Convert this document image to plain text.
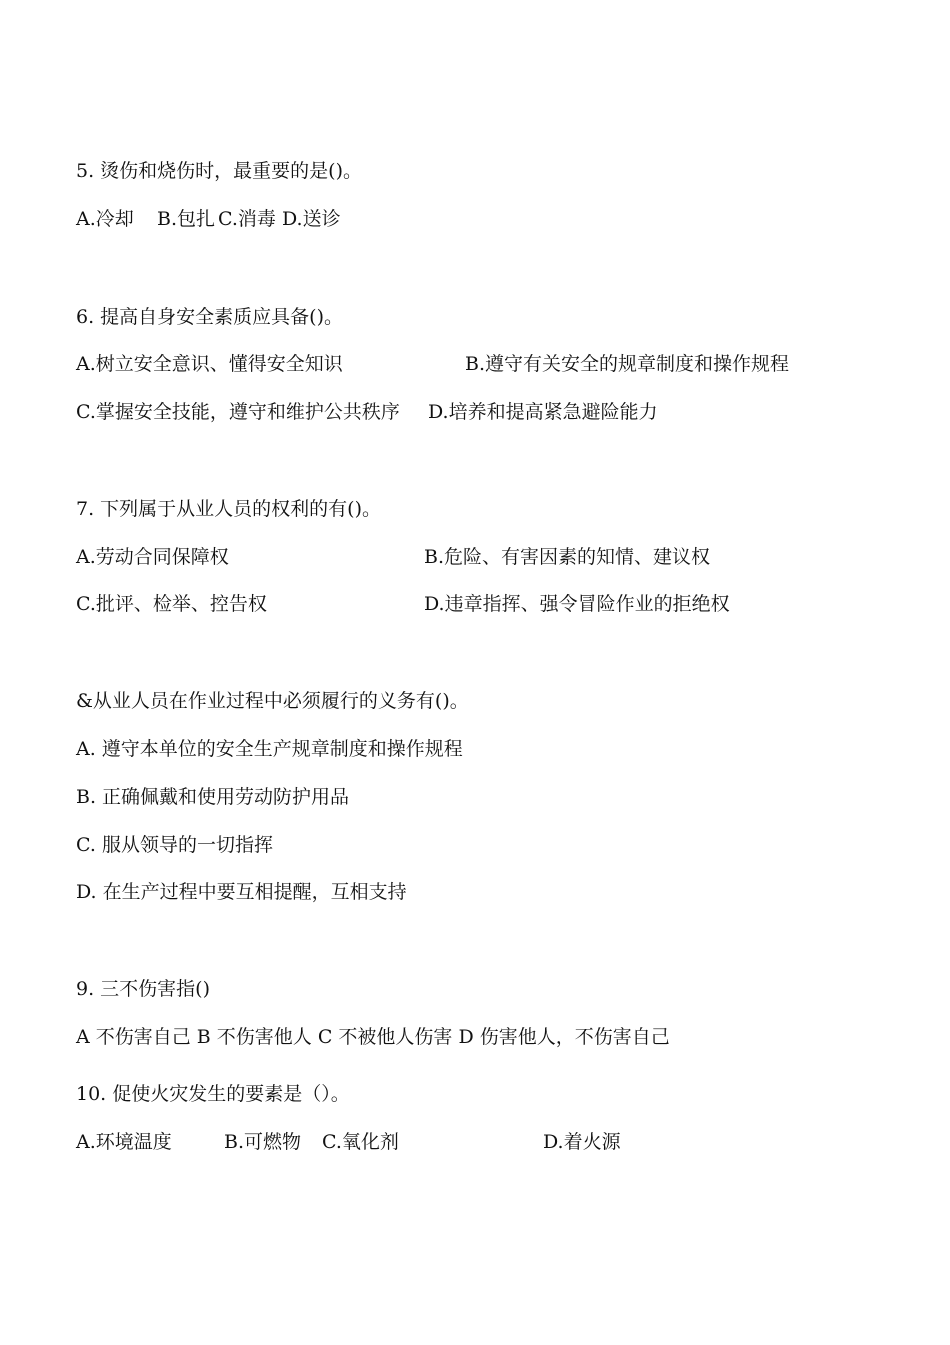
5. 烫伤和烧伤时，最重要的是()。
A.冷却 B.包扎 C.消毒 D.送诊
6. 提高自身安全素质应具备()。
A.树立安全意识、懂得安全知识	B.遵守有关安全的规章制度和操作规程
C.掌握安全技能，遵守和维护公共秩序 D.培养和提高紧急避险能力
7. 下列属于从业人员的权利的有()。
A.劳动合同保障权	B.危险、有害因素的知情、建议权
C.批评、检举、控告权	D.违章指挥、强令冒险作业的拒绝权
&从业人员在作业过程中必须履行的义务有()。
A. 遵守本单位的安全生产规章制度和操作规程
B. 正确佩戴和使用劳动防护用品
C. 服从领导的一切指挥
D. 在生产过程中要互相提醒，互相支持
9. 三不伤害指()
A 不伤害自己 B 不伤害他人 C 不被他人伤害 D 伤害他人，不伤害自己
10. 促使火灾发生的要素是（）。
A.环境温度	B.可燃物 C.氧化剂	D.着火源
